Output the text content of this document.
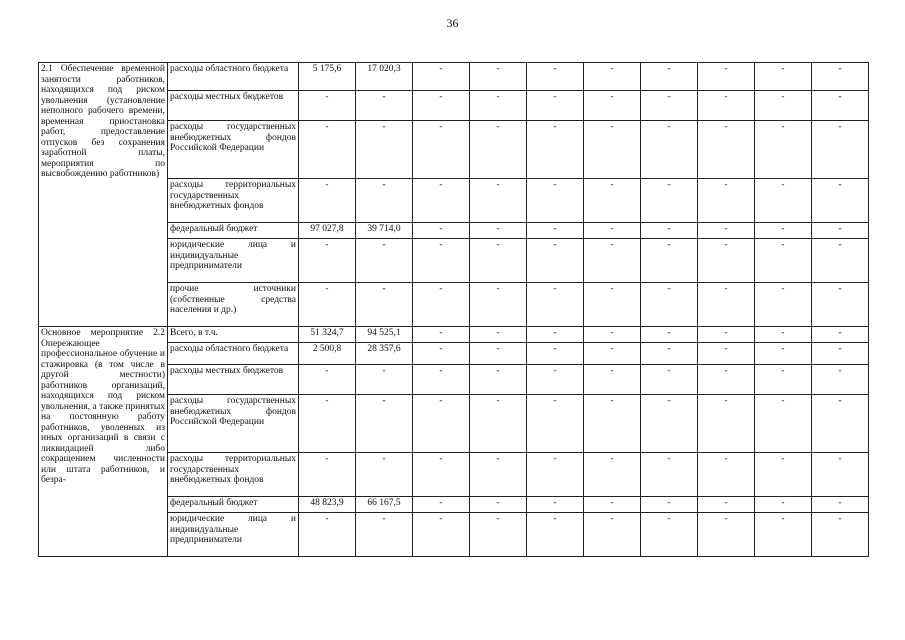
36
2.1 Обеспечение временной занятости работников, находящихся под риском увольнения (установление неполного рабочего времени, временная приостановка работ, предоставление отпусков без сохранения заработной платы, мероприятия по высвобождению работников)	расходы областного бюджета	5 175,6	17 020,3	-	-	-	-	-	-	-	-
	расходы местных бюджетов	-	-	-	-	-	-	-	-	-	-
	расходы государственных внебюджетных фондов Российской Федерации	-	-	-	-	-	-	-	-	-	-
	расходы территориальных государственных внебюджетных фондов	-	-	-	-	-	-	-	-	-	-
	федеральный бюджет	97 027,8	39 714,0	-	-	-	-	-	-	-	-
	юридические лица и индивидуальные предприниматели	-	-	-	-	-	-	-	-	-	-
	прочие источники (собственные средства населения и др.)	-	-	-	-	-	-	-	-	-	-
Основное мероприятие 2.2 Опережающее профессиональное обучение и стажировка (в том числе в другой местности) работников организаций, находящихся под риском увольнения, а также принятых на постоянную работу работников, уволенных из иных организаций в связи с ликвидацией либо сокращением численности или штата работников, и безра-	Всего, в т.ч.	51 324,7	94 525,1	-	-	-	-	-	-	-	-
	расходы областного бюджета	2 500,8	28 357,6	-	-	-	-	-	-	-	-
	расходы местных бюджетов	-	-	-	-	-	-	-	-	-	-
	расходы государственных внебюджетных фондов Российской Федерации	-	-	-	-	-	-	-	-	-	-
	расходы территориальных государственных внебюджетных фондов	-	-	-	-	-	-	-	-	-	-
	федеральный бюджет	48 823,9	66 167,5	-	-	-	-	-	-	-	-
	юридические лица и индивидуальные предприниматели	-	-	-	-	-	-	-	-	-	-
